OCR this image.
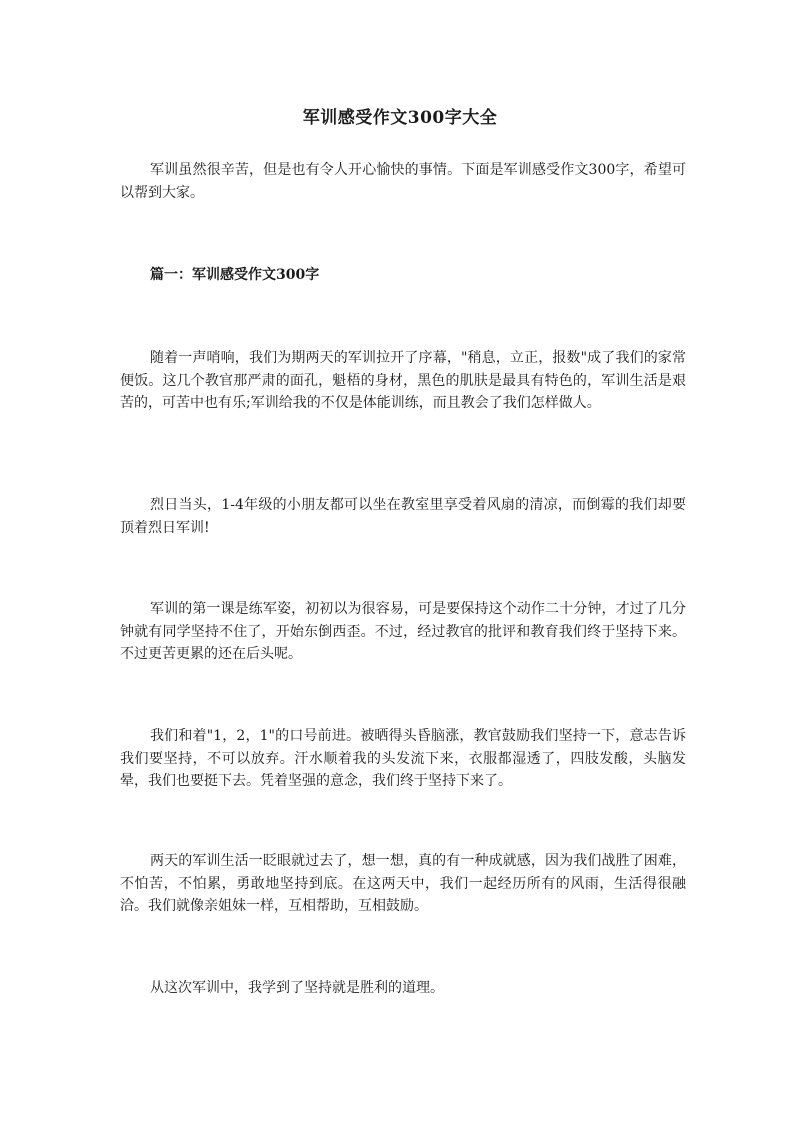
军训感受作文300字大全

军训虽然很辛苦，但是也有令人开心愉快的事情。下面是军训感受作文300字，希望可以帮到大家。

篇一：军训感受作文300字

随着一声哨响，我们为期两天的军训拉开了序幕，"稍息，立正，报数"成了我们的家常便饭。这几个教官那严肃的面孔，魁梧的身材，黑色的肌肤是最具有特色的，军训生活是艰苦的，可苦中也有乐;军训给我的不仅是体能训练，而且教会了我们怎样做人。

烈日当头，1-4年级的小朋友都可以坐在教室里享受着风扇的清凉，而倒霉的我们却要顶着烈日军训!

军训的第一课是练军姿，初初以为很容易，可是要保持这个动作二十分钟，才过了几分钟就有同学坚持不住了，开始东倒西歪。不过，经过教官的批评和教育我们终于坚持下来。不过更苦更累的还在后头呢。

我们和着"1，2，1"的口号前进。被晒得头昏脑涨，教官鼓励我们坚持一下，意志告诉我们要坚持，不可以放弃。汗水顺着我的头发流下来，衣服都湿透了，四肢发酸，头脑发晕，我们也要挺下去。凭着坚强的意念，我们终于坚持下来了。

两天的军训生活一眨眼就过去了，想一想，真的有一种成就感，因为我们战胜了困难，不怕苦，不怕累，勇敢地坚持到底。在这两天中，我们一起经历所有的风雨，生活得很融洽。我们就像亲姐妹一样，互相帮助，互相鼓励。

从这次军训中，我学到了坚持就是胜利的道理。
